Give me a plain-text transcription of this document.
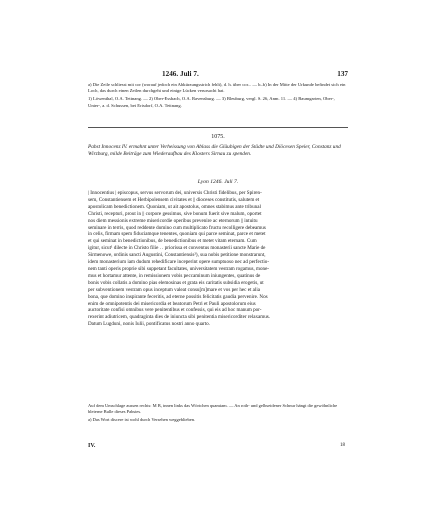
1246. Juli 7.	137

a) Die Zeile schliesst mit cor (worauf jedoch ein Abkürzungsstrich fehlt), d. h. über cor... — b–b) In der Mitte der Urkunde befindet sich ein Loch, das durch einen Zeilen durchgeht und einige Lücken verursacht hat.

1) Löwenthal, O.A. Tettnang. — 2) Ober-Essbach, O.A. Ravensburg. — 3) Bleuburg, vergl. S. 26, Anm. 11. — 4) Baumgarten, Ober-, Unter-, a. d. Schussen, bei Erisdorf, O.A. Tettnang.

1075.
Pabst Innocenz IV. ermahnt unter Verheissung von Ablass die Gläubigen der Städte und Diöcesen Speier, Constanz und Wirzburg, milde Beiträge zum Wiederaufbau des Klosters Sirnau zu spenden.
Lyon 1246. Juli 7.
| Innocentius | episcopus, servus servorum dei, universis Christi fidelibus, per Spiren-
sem, Constantiensem et Herbipolensem civitates et || dioceses constitutis, salutem et
apostolicam benedictionem. Quoniam, ut ait apostolus, omnes stabimus ante tribunal
Christi, recepturi, prout in || corpore gessimus, sive bonum fuerit sive malum, oportet
nos diem messionis extreme misericordie operibus prevenire ac eternorum || intuitu
seminare in terris, quod reddente domino cum multiplicato fructu recolligere debeamus
in celis, firmam spem fiduciamque tenentes, quoniam qui parce seminat, parce et metet
et qui seminat in benedictionibus, de benedictionibus et metet vitam eternam. Cum
igitur, sicut¹ dilecte in Christo filie . . priorissa et conventus monasterii sancte Marie de
Sirmenowe, ordinis sancti Augustini, Constantiensis²), sua nobis petitione monstrarunt,
idem monasterium iam dudum rehedificare inceperint opere sumptuoso nec ad perfectio-
nem tanti operis proprie sibi suppetant facultates, universitatem vestram rogamus, mone-
mus et hortamur attente, in remissionem vobis peccaminum iniungentes, quatinus de
bonis vobis collatis a domino pias elemosinas et grata eis caritatis subsidia erogetis, ut
per subventionem vestram opus inceptum valeat consu[m]mare et vos per hec et alia
bona, que domino inspirante feceritis, ad eterne possitis felicitatis gaudia pervenire. Nos
enim de omnipotentis dei misericordia et beatorum Petri et Pauli apostolorum eius
auctoritate confisi omnibus vere penitentibus et confessis, qui eis ad hoc manum por-
rexerint adiutricem, quadraginta dies de iniuncta sibi penitentia misericorditer relaxamus.
Datum Lugduni, nonis Iulii, pontificatus nostri anno quarto.

Auf dem Umschlage aussen rechts: M B, innen links das Wörtchen quamiam. — An roth- und gelbseidener Schnur hängt die gewöhnliche bleierne Bulle dieses Pabstes.

a) Das Wort discere ist wohl durch Versehen weggeblieben.

IV.	18
